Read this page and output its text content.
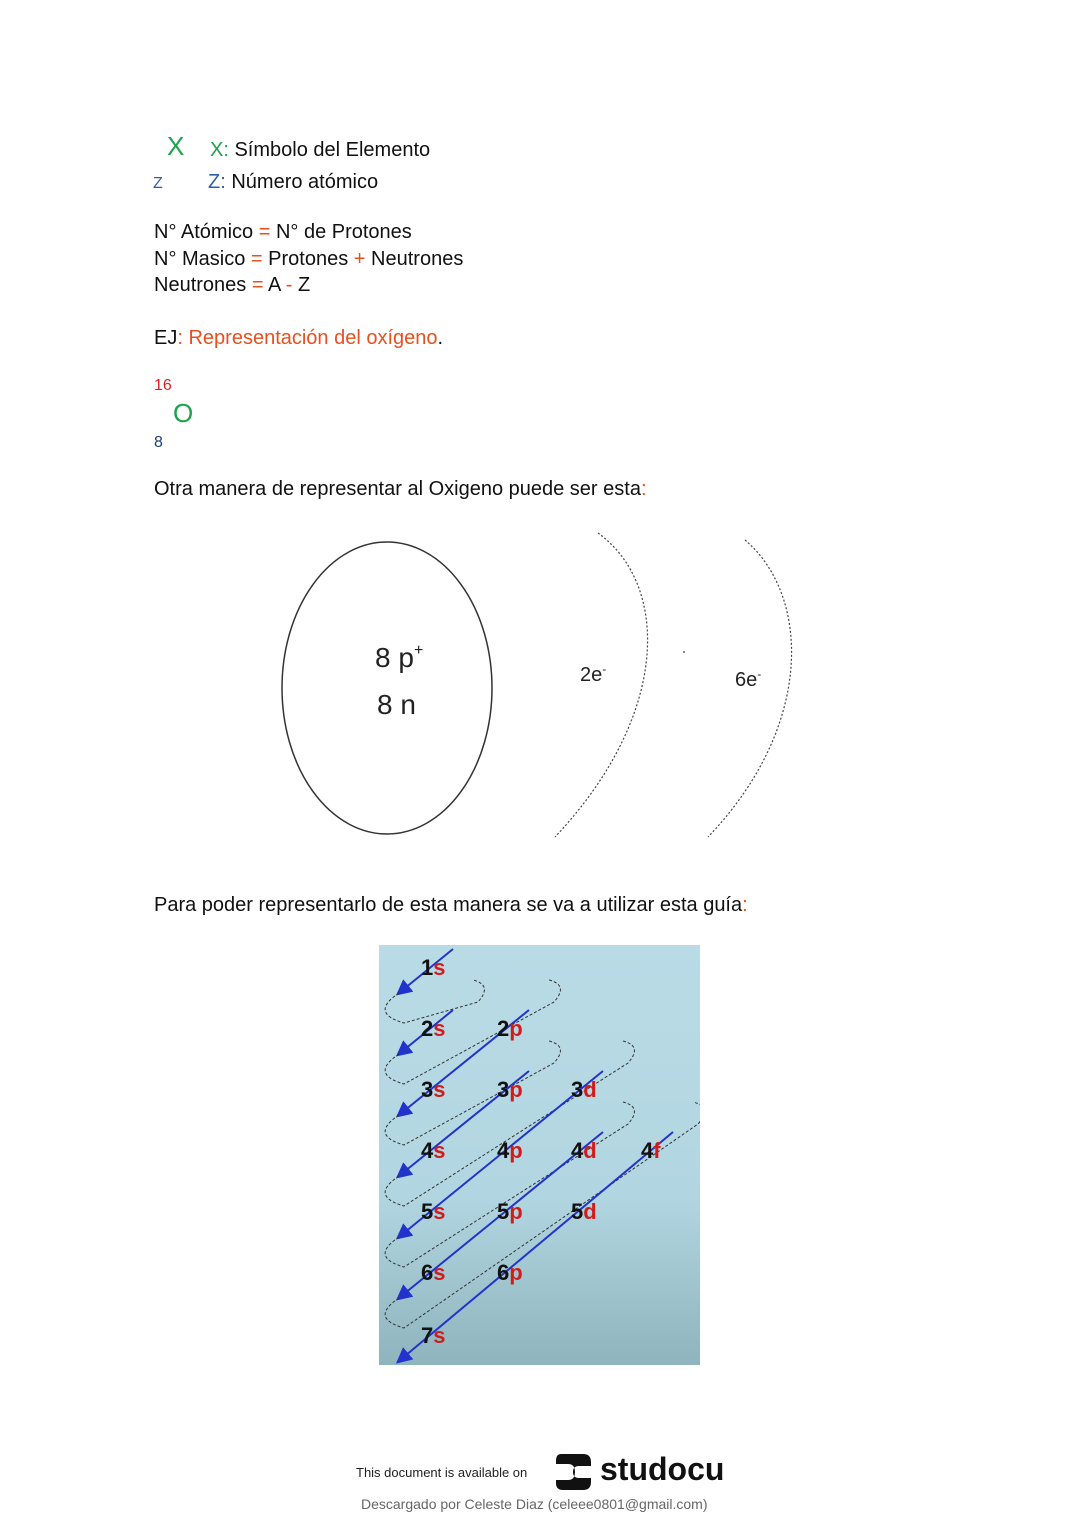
X X: Símbolo del Elemento
Z Z: Número atómico
N° Atómico = N° de Protones
N° Masico = Protones + Neutrones
Neutrones = A - Z
EJ: Representación del oxígeno.
16
O
8
Otra manera de representar al Oxigeno puede ser esta:
8 p+
8 n
2e-	6e-
Para poder representarlo de esta manera se va a utilizar esta guía:
1s
2s 2p
3s 3p 3d
4s 4p 4d 4f
5s 5p 5d
6s 6p
7s
This document is available on studocu
Descargado por Celeste Diaz (celeee0801@gmail.com)
